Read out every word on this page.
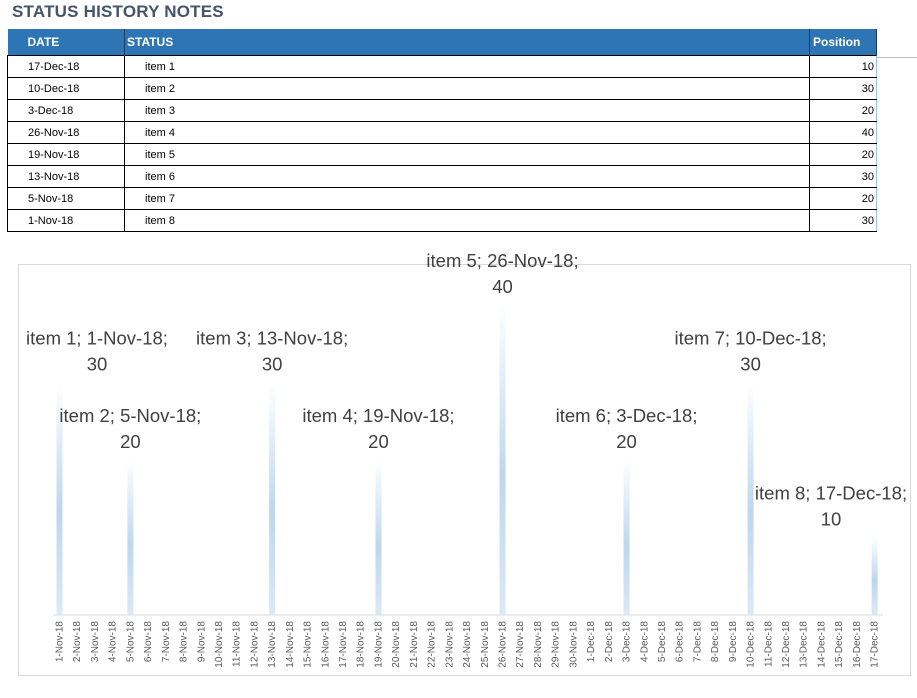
STATUS HISTORY NOTES
DATE	STATUS	Position
17-Dec-18	item 1	10
10-Dec-18	item 2	30
3-Dec-18	item 3	20
26-Nov-18	item 4	40
19-Nov-18	item 5	20
13-Nov-18	item 6	30
5-Nov-18	item 7	20
1-Nov-18	item 8	30
item 1; 1-Nov-18;
30
item 2; 5-Nov-18;
20
item 3; 13-Nov-18;
30
item 4; 19-Nov-18;
20
item 5; 26-Nov-18;
40
item 6; 3-Dec-18;
20
item 7; 10-Dec-18;
30
item 8; 17-Dec-18;
10
1-Nov-18 2-Nov-18 3-Nov-18 4-Nov-18 5-Nov-18 6-Nov-18 7-Nov-18 8-Nov-18 9-Nov-18 10-Nov-18 11-Nov-18 12-Nov-18 13-Nov-18 14-Nov-18 15-Nov-18 16-Nov-18 17-Nov-18 18-Nov-18 19-Nov-18 20-Nov-18 21-Nov-18 22-Nov-18 23-Nov-18 24-Nov-18 25-Nov-18 26-Nov-18 27-Nov-18 28-Nov-18 29-Nov-18 30-Nov-18 1-Dec-18 2-Dec-18 3-Dec-18 4-Dec-18 5-Dec-18 6-Dec-18 7-Dec-18 8-Dec-18 9-Dec-18 10-Dec-18 11-Dec-18 12-Dec-18 13-Dec-18 14-Dec-18 15-Dec-18 16-Dec-18 17-Dec-18
